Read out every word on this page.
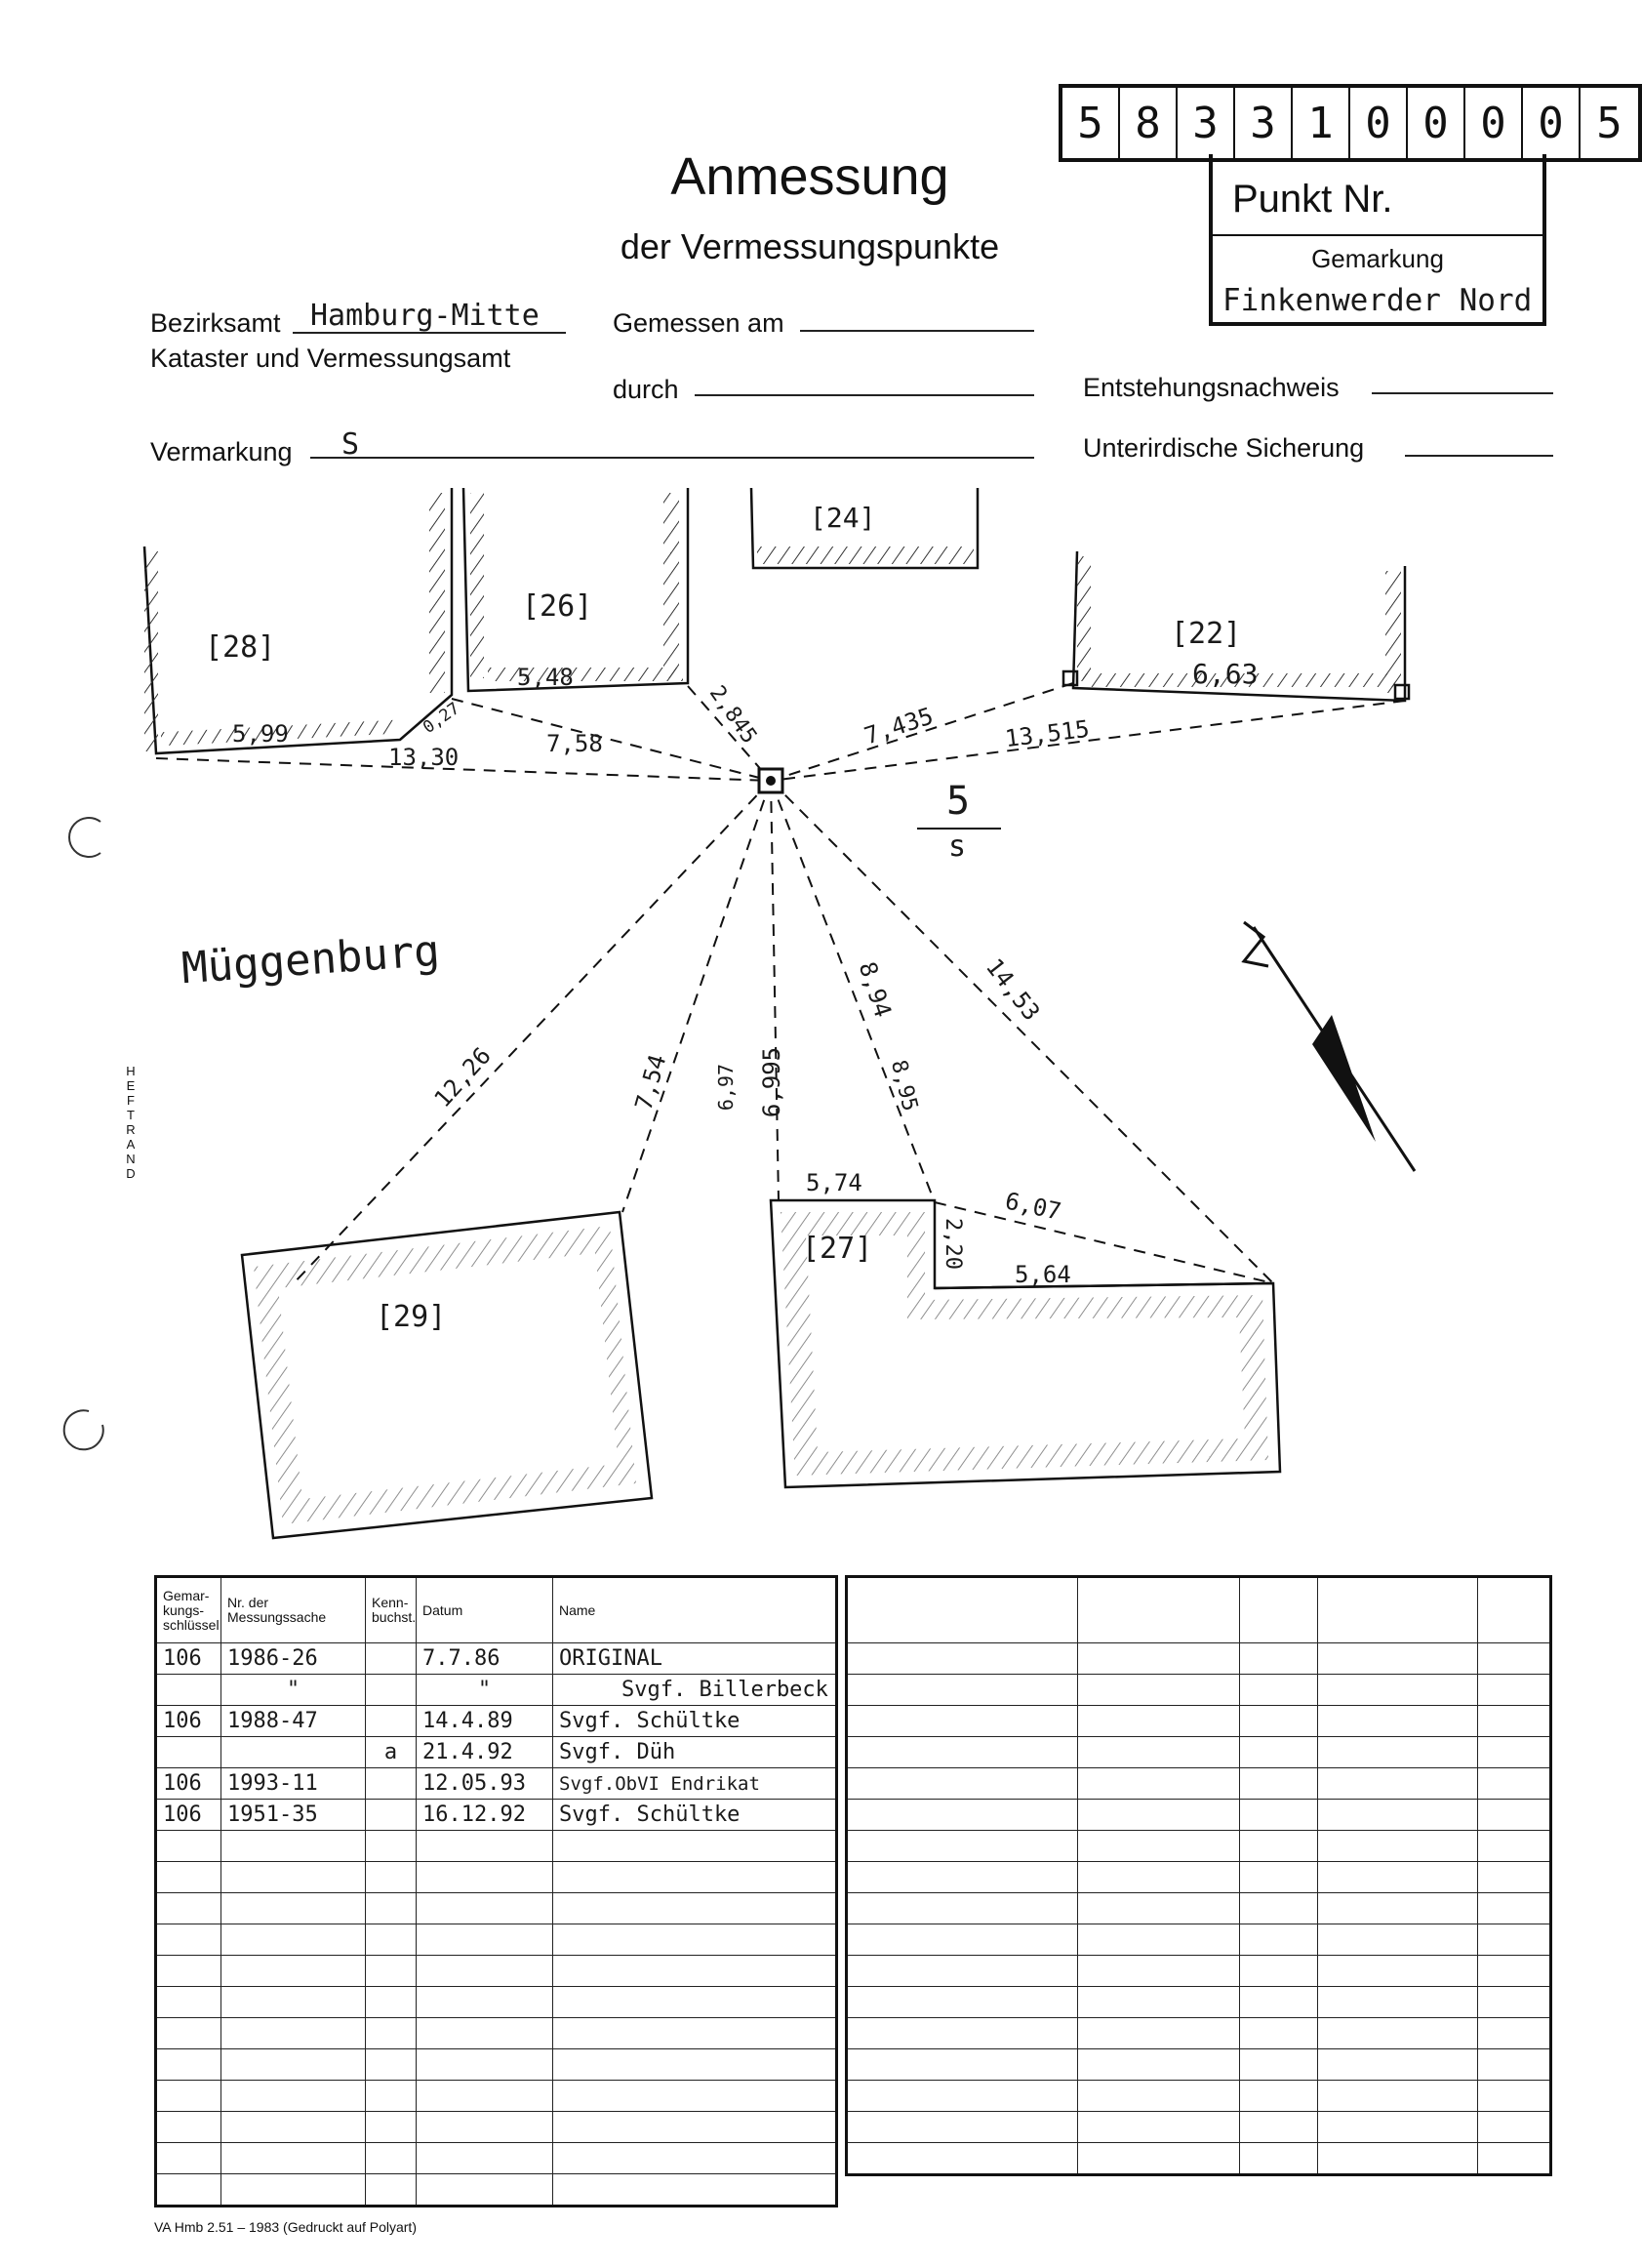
Anmessung
der Vermessungspunkte
5 8 3 3 1 0 0 0 0 5
Punkt Nr.
Gemarkung
Finkenwerder Nord
Bezirksamt Hamburg-Mitte
Kataster und Vermessungsamt
Gemessen am
durch	Entstehungsnachweis
Vermarkung S	Unterirdische Sicherung
HEFTRAND
[28]
[26]
[24]
[22]
[29]
[27]
5,99	0,27
13,30	7,58
5,48
2,845	7,435	13,515
6,63
12,26	7,54 6,97 6,995
8,94
8,95
14,53
5,74
6,07
2,20
5,64
5
s
Müggenburg
Gemar-kungs-schlüssel	Nr. der Messungssache	Kenn-buchst.	Datum	Name
106	1986-26		7.7.86	ORIGINAL
	"		"	Svgf. Billerbeck
106	1988-47		14.4.89	Svgf. Schültke
		a	21.4.92	Svgf. Düh
106	1993-11		12.05.93	Svgf.ObVI Endrikat
106	1951-35		16.12.92	Svgf. Schültke

VA Hmb 2.51 – 1983 (Gedruckt auf Polyart)
